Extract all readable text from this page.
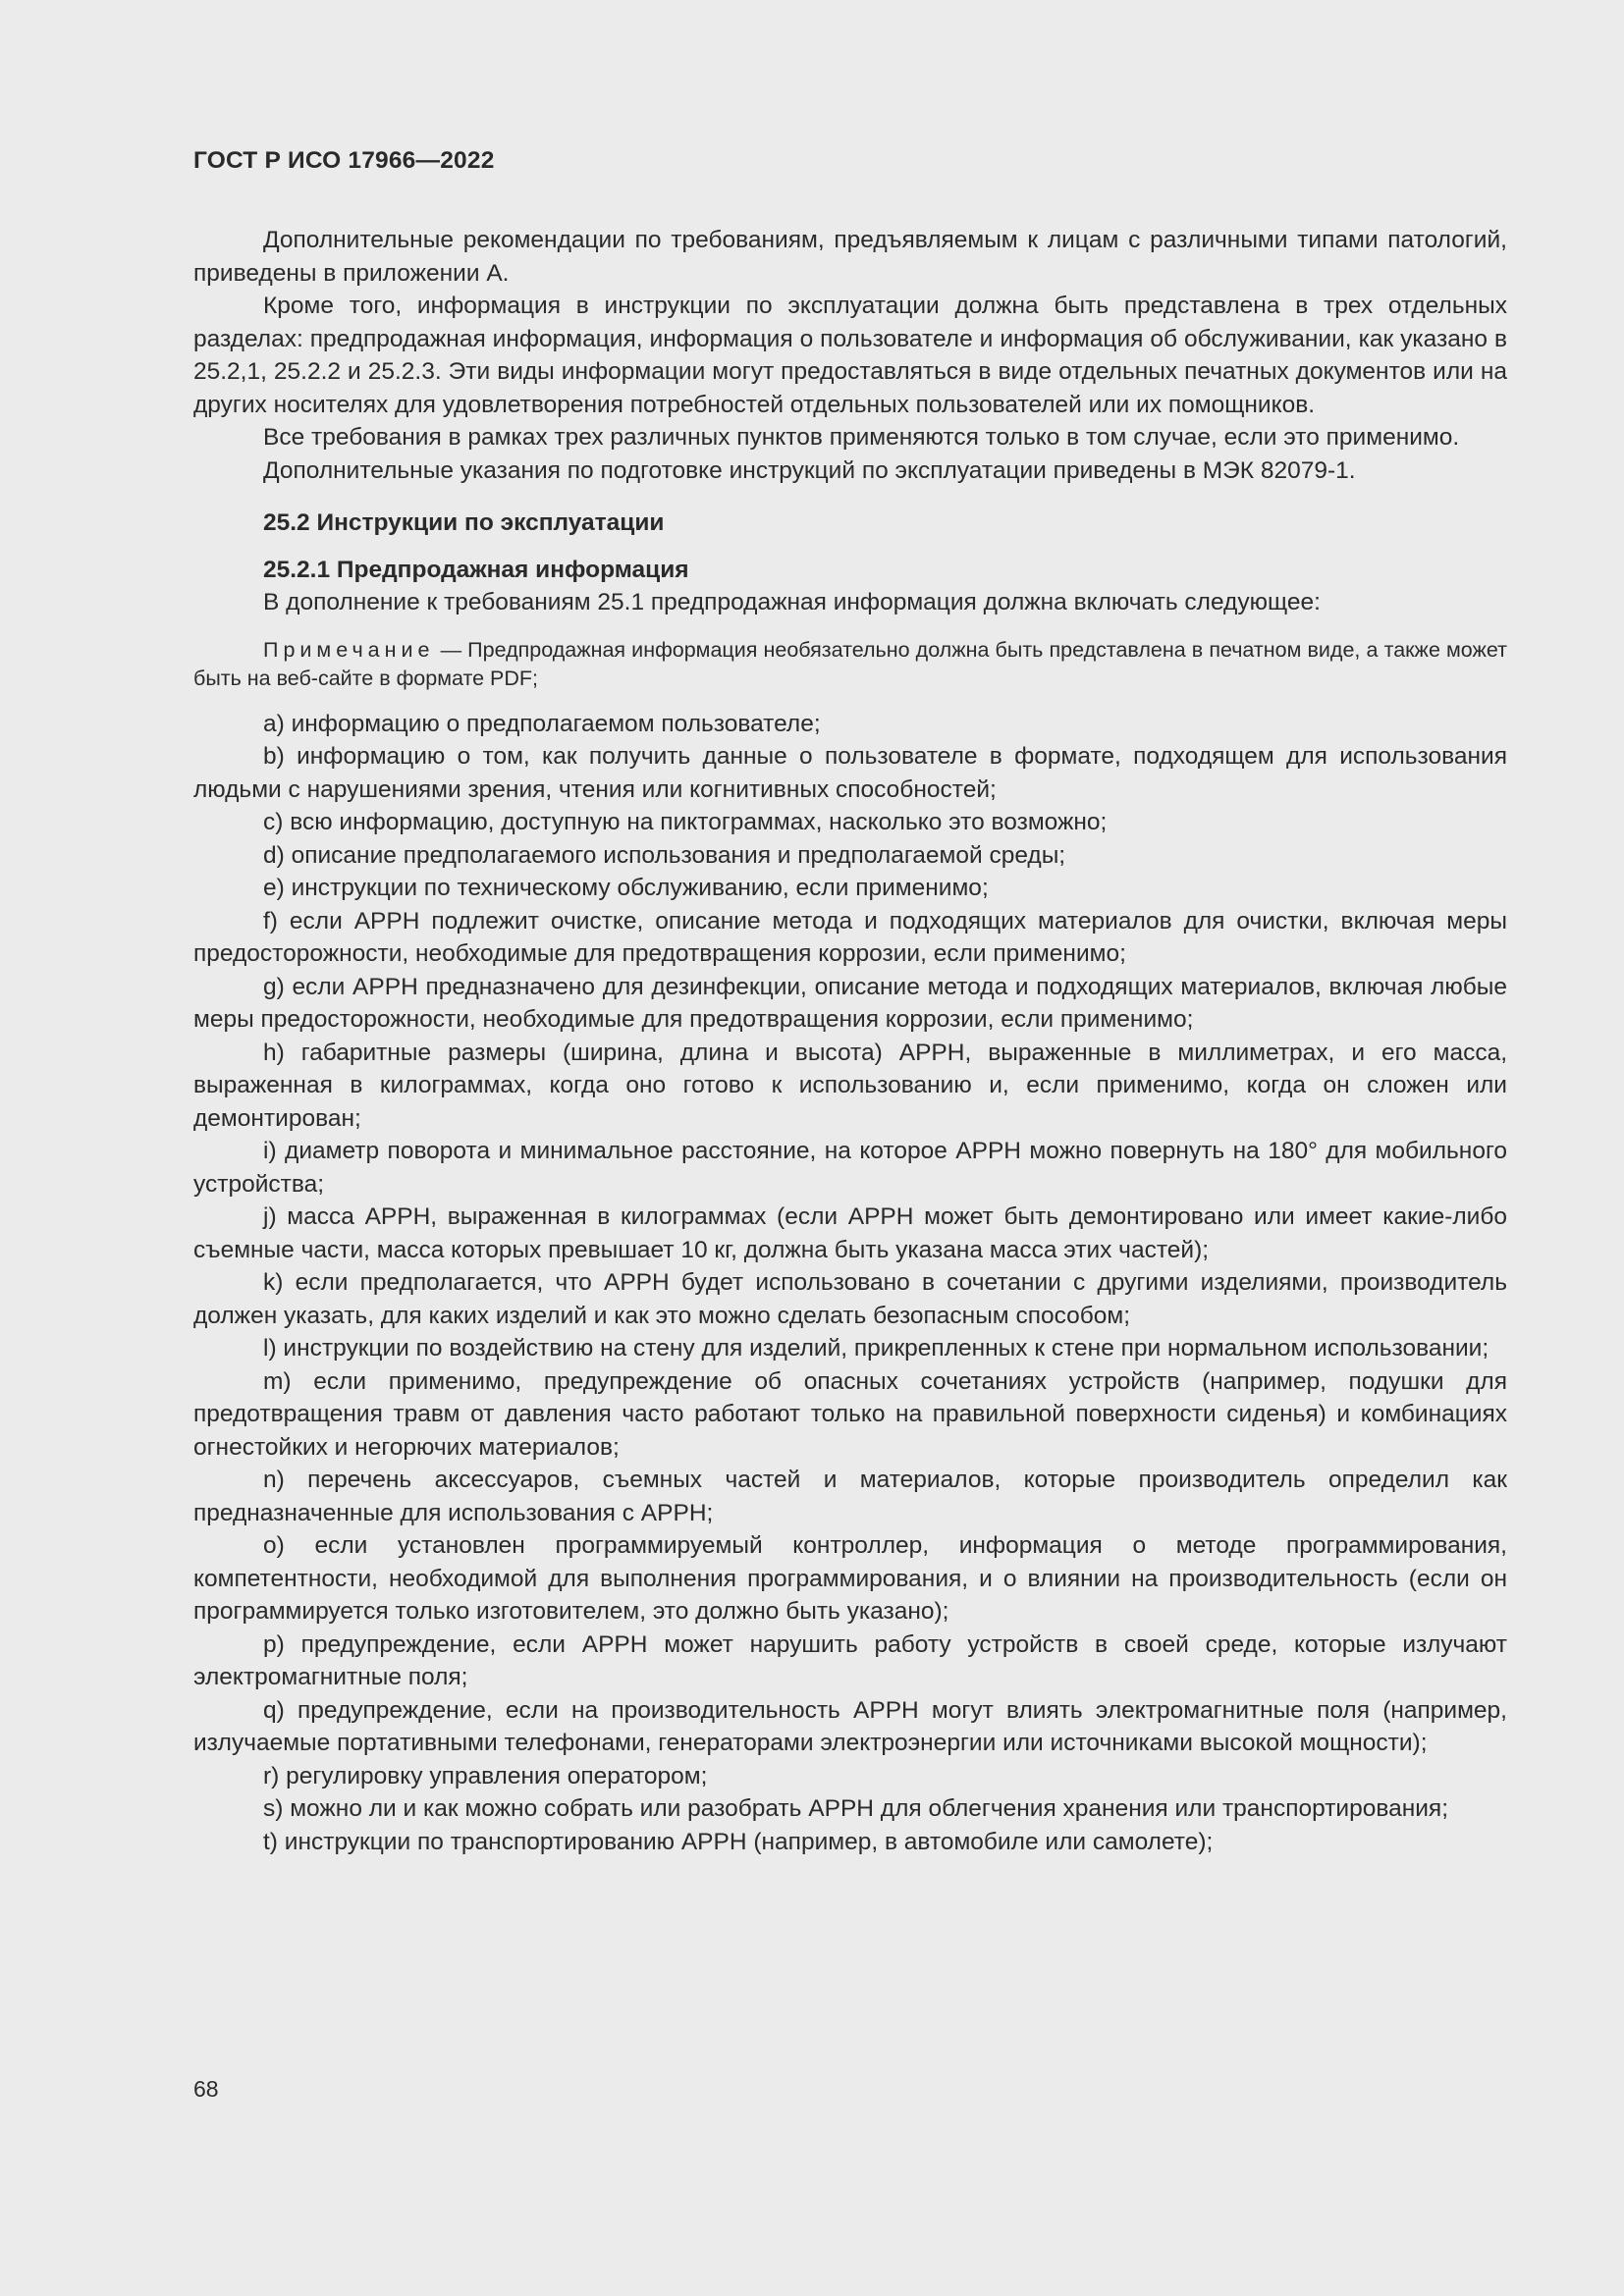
ГОСТ Р ИСО 17966—2022

Дополнительные рекомендации по требованиям, предъявляемым к лицам с различными типами патологий, приведены в приложении А.

Кроме того, информация в инструкции по эксплуатации должна быть представлена в трех отдельных разделах: предпродажная информация, информация о пользователе и информация об обслуживании, как указано в 25.2,1, 25.2.2 и 25.2.3. Эти виды информации могут предоставляться в виде отдельных печатных документов или на других носителях для удовлетворения потребностей отдельных пользователей или их помощников.

Все требования в рамках трех различных пунктов применяются только в том случае, если это применимо.

Дополнительные указания по подготовке инструкций по эксплуатации приведены в МЭК 82079-1.

25.2 Инструкции по эксплуатации

25.2.1 Предпродажная информация

В дополнение к требованиям 25.1 предпродажная информация должна включать следующее:

Примечание — Предпродажная информация необязательно должна быть представлена в печатном виде, а также может быть на веб-сайте в формате PDF;

a) информацию о предполагаемом пользователе;

b) информацию о том, как получить данные о пользователе в формате, подходящем для использования людьми с нарушениями зрения, чтения или когнитивных способностей;

c) всю информацию, доступную на пиктограммах, насколько это возможно;

d) описание предполагаемого использования и предполагаемой среды;

e) инструкции по техническому обслуживанию, если применимо;

f) если АРРН подлежит очистке, описание метода и подходящих материалов для очистки, включая меры предосторожности, необходимые для предотвращения коррозии, если применимо;

g) если АРРН предназначено для дезинфекции, описание метода и подходящих материалов, включая любые меры предосторожности, необходимые для предотвращения коррозии, если применимо;

h) габаритные размеры (ширина, длина и высота) АРРН, выраженные в миллиметрах, и его масса, выраженная в килограммах, когда оно готово к использованию и, если применимо, когда он сложен или демонтирован;

i) диаметр поворота и минимальное расстояние, на которое АРРН можно повернуть на 180° для мобильного устройства;

j) масса АРРН, выраженная в килограммах (если АРРН может быть демонтировано или имеет какие-либо съемные части, масса которых превышает 10 кг, должна быть указана масса этих частей);

k) если предполагается, что АРРН будет использовано в сочетании с другими изделиями, производитель должен указать, для каких изделий и как это можно сделать безопасным способом;

l) инструкции по воздействию на стену для изделий, прикрепленных к стене при нормальном использовании;

m) если применимо, предупреждение об опасных сочетаниях устройств (например, подушки для предотвращения травм от давления часто работают только на правильной поверхности сиденья) и комбинациях огнестойких и негорючих материалов;

n) перечень аксессуаров, съемных частей и материалов, которые производитель определил как предназначенные для использования с АРРН;

o) если установлен программируемый контроллер, информация о методе программирования, компетентности, необходимой для выполнения программирования, и о влиянии на производительность (если он программируется только изготовителем, это должно быть указано);

p) предупреждение, если АРРН может нарушить работу устройств в своей среде, которые излучают электромагнитные поля;

q) предупреждение, если на производительность АРРН могут влиять электромагнитные поля (например, излучаемые портативными телефонами, генераторами электроэнергии или источниками высокой мощности);

r) регулировку управления оператором;

s) можно ли и как можно собрать или разобрать АРРН для облегчения хранения или транспортирования;

t) инструкции по транспортированию АРРН (например, в автомобиле или самолете);

68
